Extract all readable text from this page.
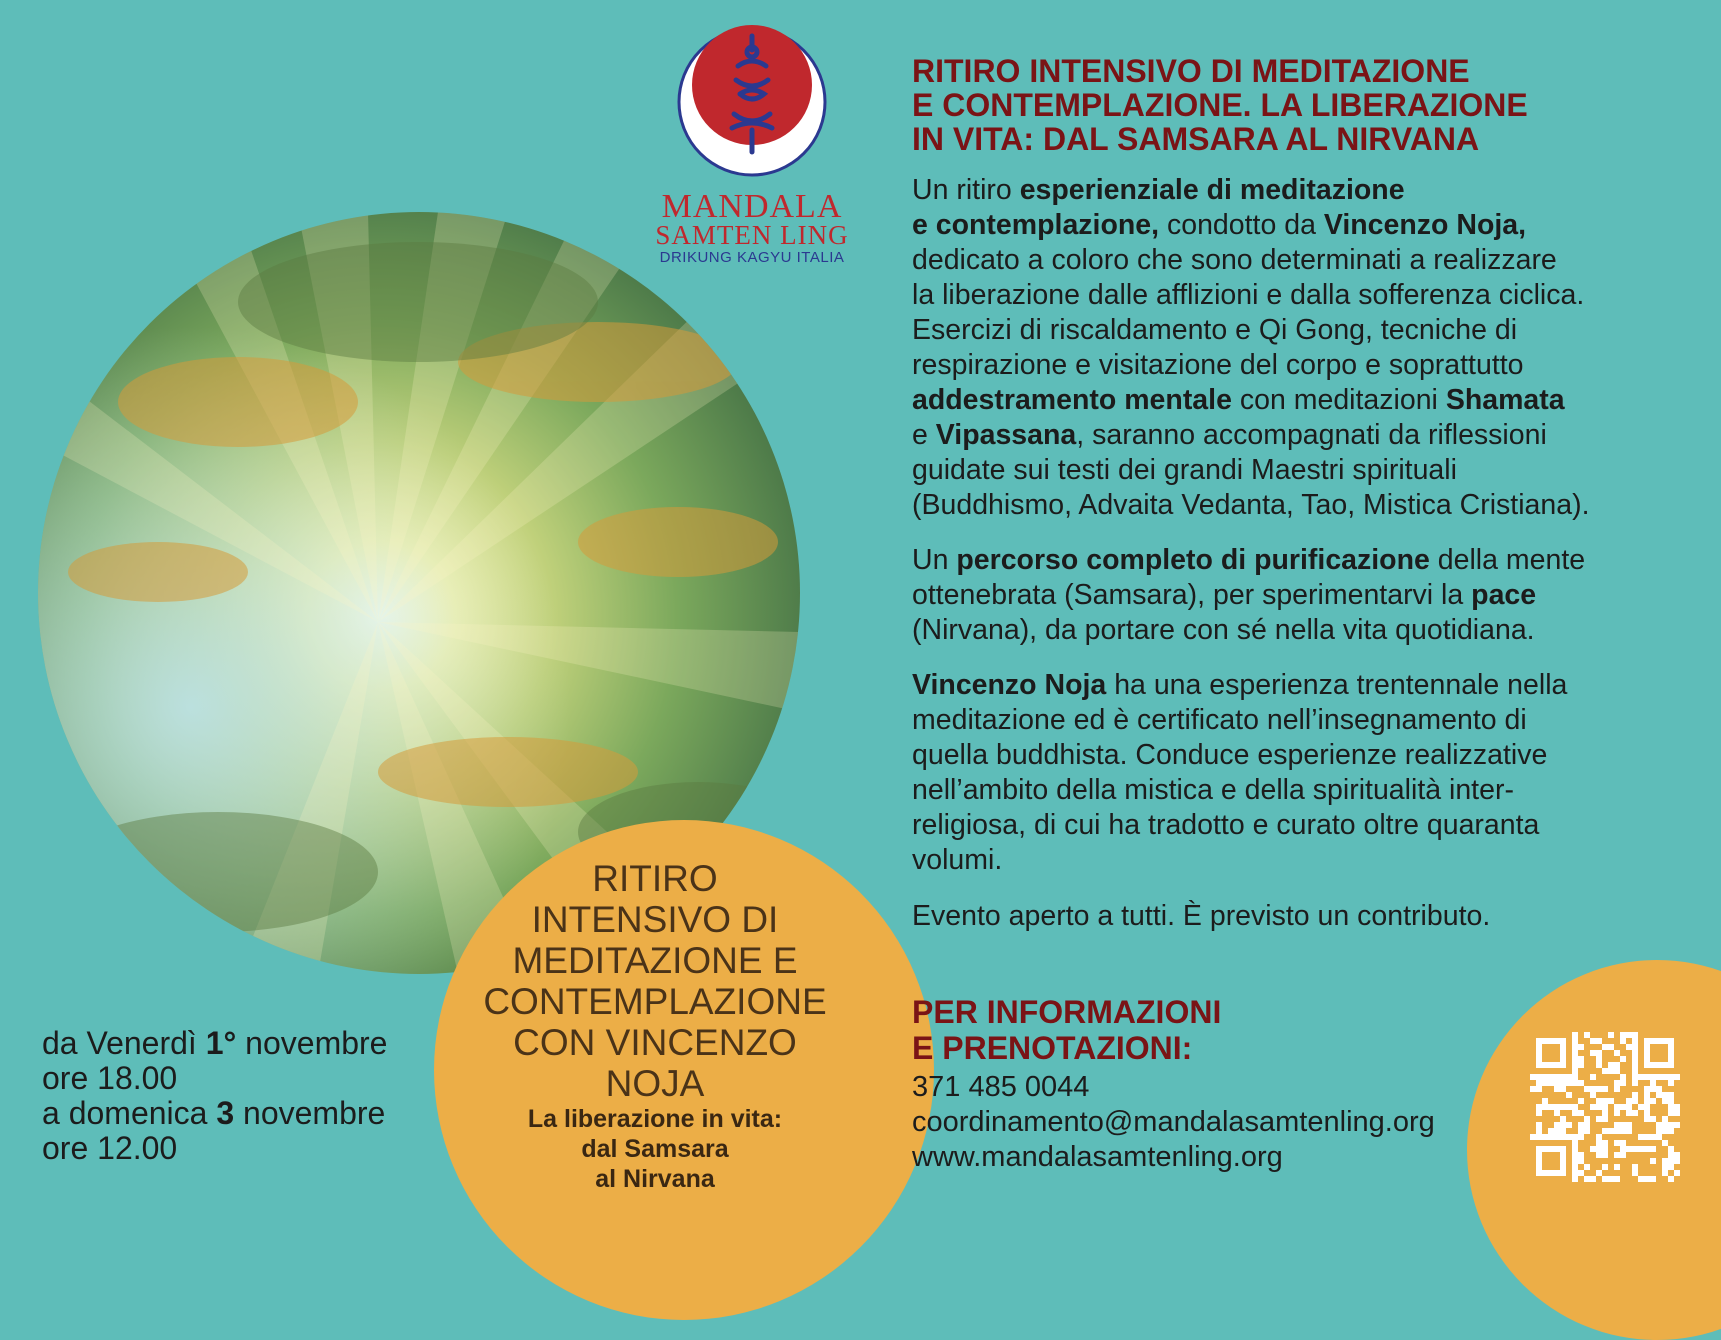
MANDALA
SAMTEN LING
DRIKUNG KAGYU ITALIA
RITIRO
INTENSIVO DI
MEDITAZIONE E
CONTEMPLAZIONE
CON VINCENZO
NOJA
La liberazione in vita:
dal Samsara
al Nirvana
da Venerdì 1° novembre
ore 18.00
a domenica 3 novembre
ore 12.00
RITIRO INTENSIVO DI MEDITAZIONE
E CONTEMPLAZIONE. LA LIBERAZIONE
IN VITA: DAL SAMSARA AL NIRVANA
Un ritiro esperienziale di meditazione
e contemplazione, condotto da Vincenzo Noja,
dedicato a coloro che sono determinati a realizzare
la liberazione dalle afflizioni e dalla sofferenza ciclica.
Esercizi di riscaldamento e Qi Gong, tecniche di
respirazione e visitazione del corpo e soprattutto
addestramento mentale con meditazioni Shamata
e Vipassana, saranno accompagnati da riflessioni
guidate sui testi dei grandi Maestri spirituali
(Buddhismo, Advaita Vedanta, Tao, Mistica Cristiana).
Un percorso completo di purificazione della mente
ottenebrata (Samsara), per sperimentarvi la pace
(Nirvana), da portare con sé nella vita quotidiana.
Vincenzo Noja ha una esperienza trentennale nella
meditazione ed è certificato nell’insegnamento di
quella buddhista. Conduce esperienze realizzative
nell’ambito della mistica e della spiritualità inter-
religiosa, di cui ha tradotto e curato oltre quaranta
volumi.
Evento aperto a tutti. È previsto un contributo.
PER INFORMAZIONI
E PRENOTAZIONI:
371 485 0044
coordinamento@mandalasamtenling.org
www.mandalasamtenling.org
